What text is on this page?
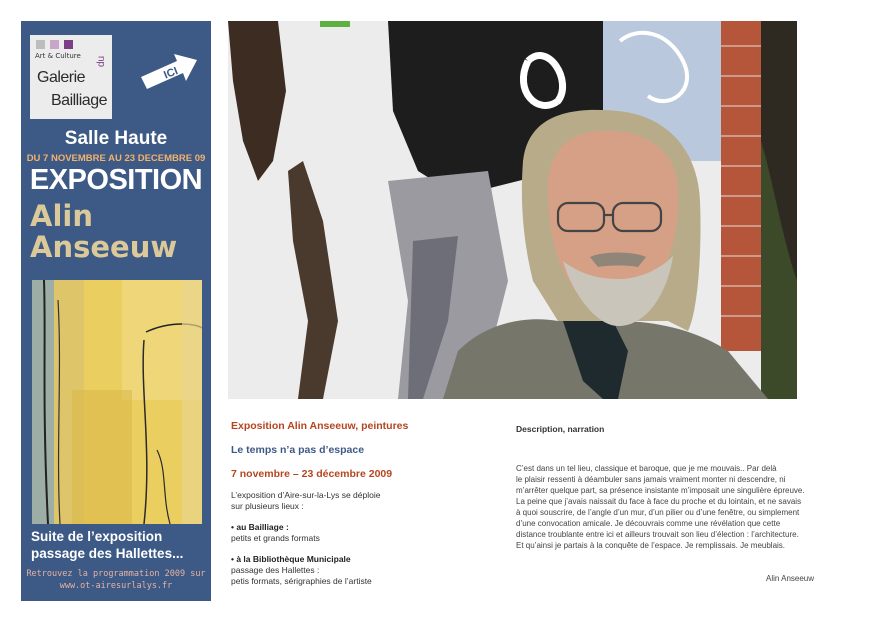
Art & Culture
Galerie
du
Bailliage
ICI
Salle Haute
DU 7 NOVEMBRE AU 23 DECEMBRE 09
EXPOSITION
Alin
Anseeuw
Suite de l’exposition
passage des Hallettes...
Retrouvez la programmation 2009 sur
www.ot-airesurlalys.fr
Exposition Alin Anseeuw, peintures
Le temps n’a pas d’espace
7 novembre – 23 décembre 2009
L’exposition d’Aire-sur-la-Lys se déploie
sur plusieurs lieux :
• au Bailliage :
petits et grands formats
• à la Bibliothèque Municipale
passage des Hallettes :
petis formats, sérigraphies de l’artiste
Description, narration
C’est dans un tel lieu, classique et baroque, que je me mouvais.. Par delà
le plaisir ressenti à déambuler sans jamais vraiment monter ni descendre, ni
m’arrêter quelque part, sa présence insistante m’imposait une singulière épreuve.
La peine que j’avais naissait du face à face du proche et du lointain, et ne savais
à quoi souscrire, de l’angle d’un mur, d’un pilier ou d’une fenêtre, ou simplement
d’une convocation amicale. Je découvrais comme une révélation que cette
distance troublante entre ici et ailleurs trouvait son lieu d’élection : l’architecture.
Et qu’ainsi je partais à la conquête de l’espace. Je remplissais. Je meublais.
Alin Anseeuw
